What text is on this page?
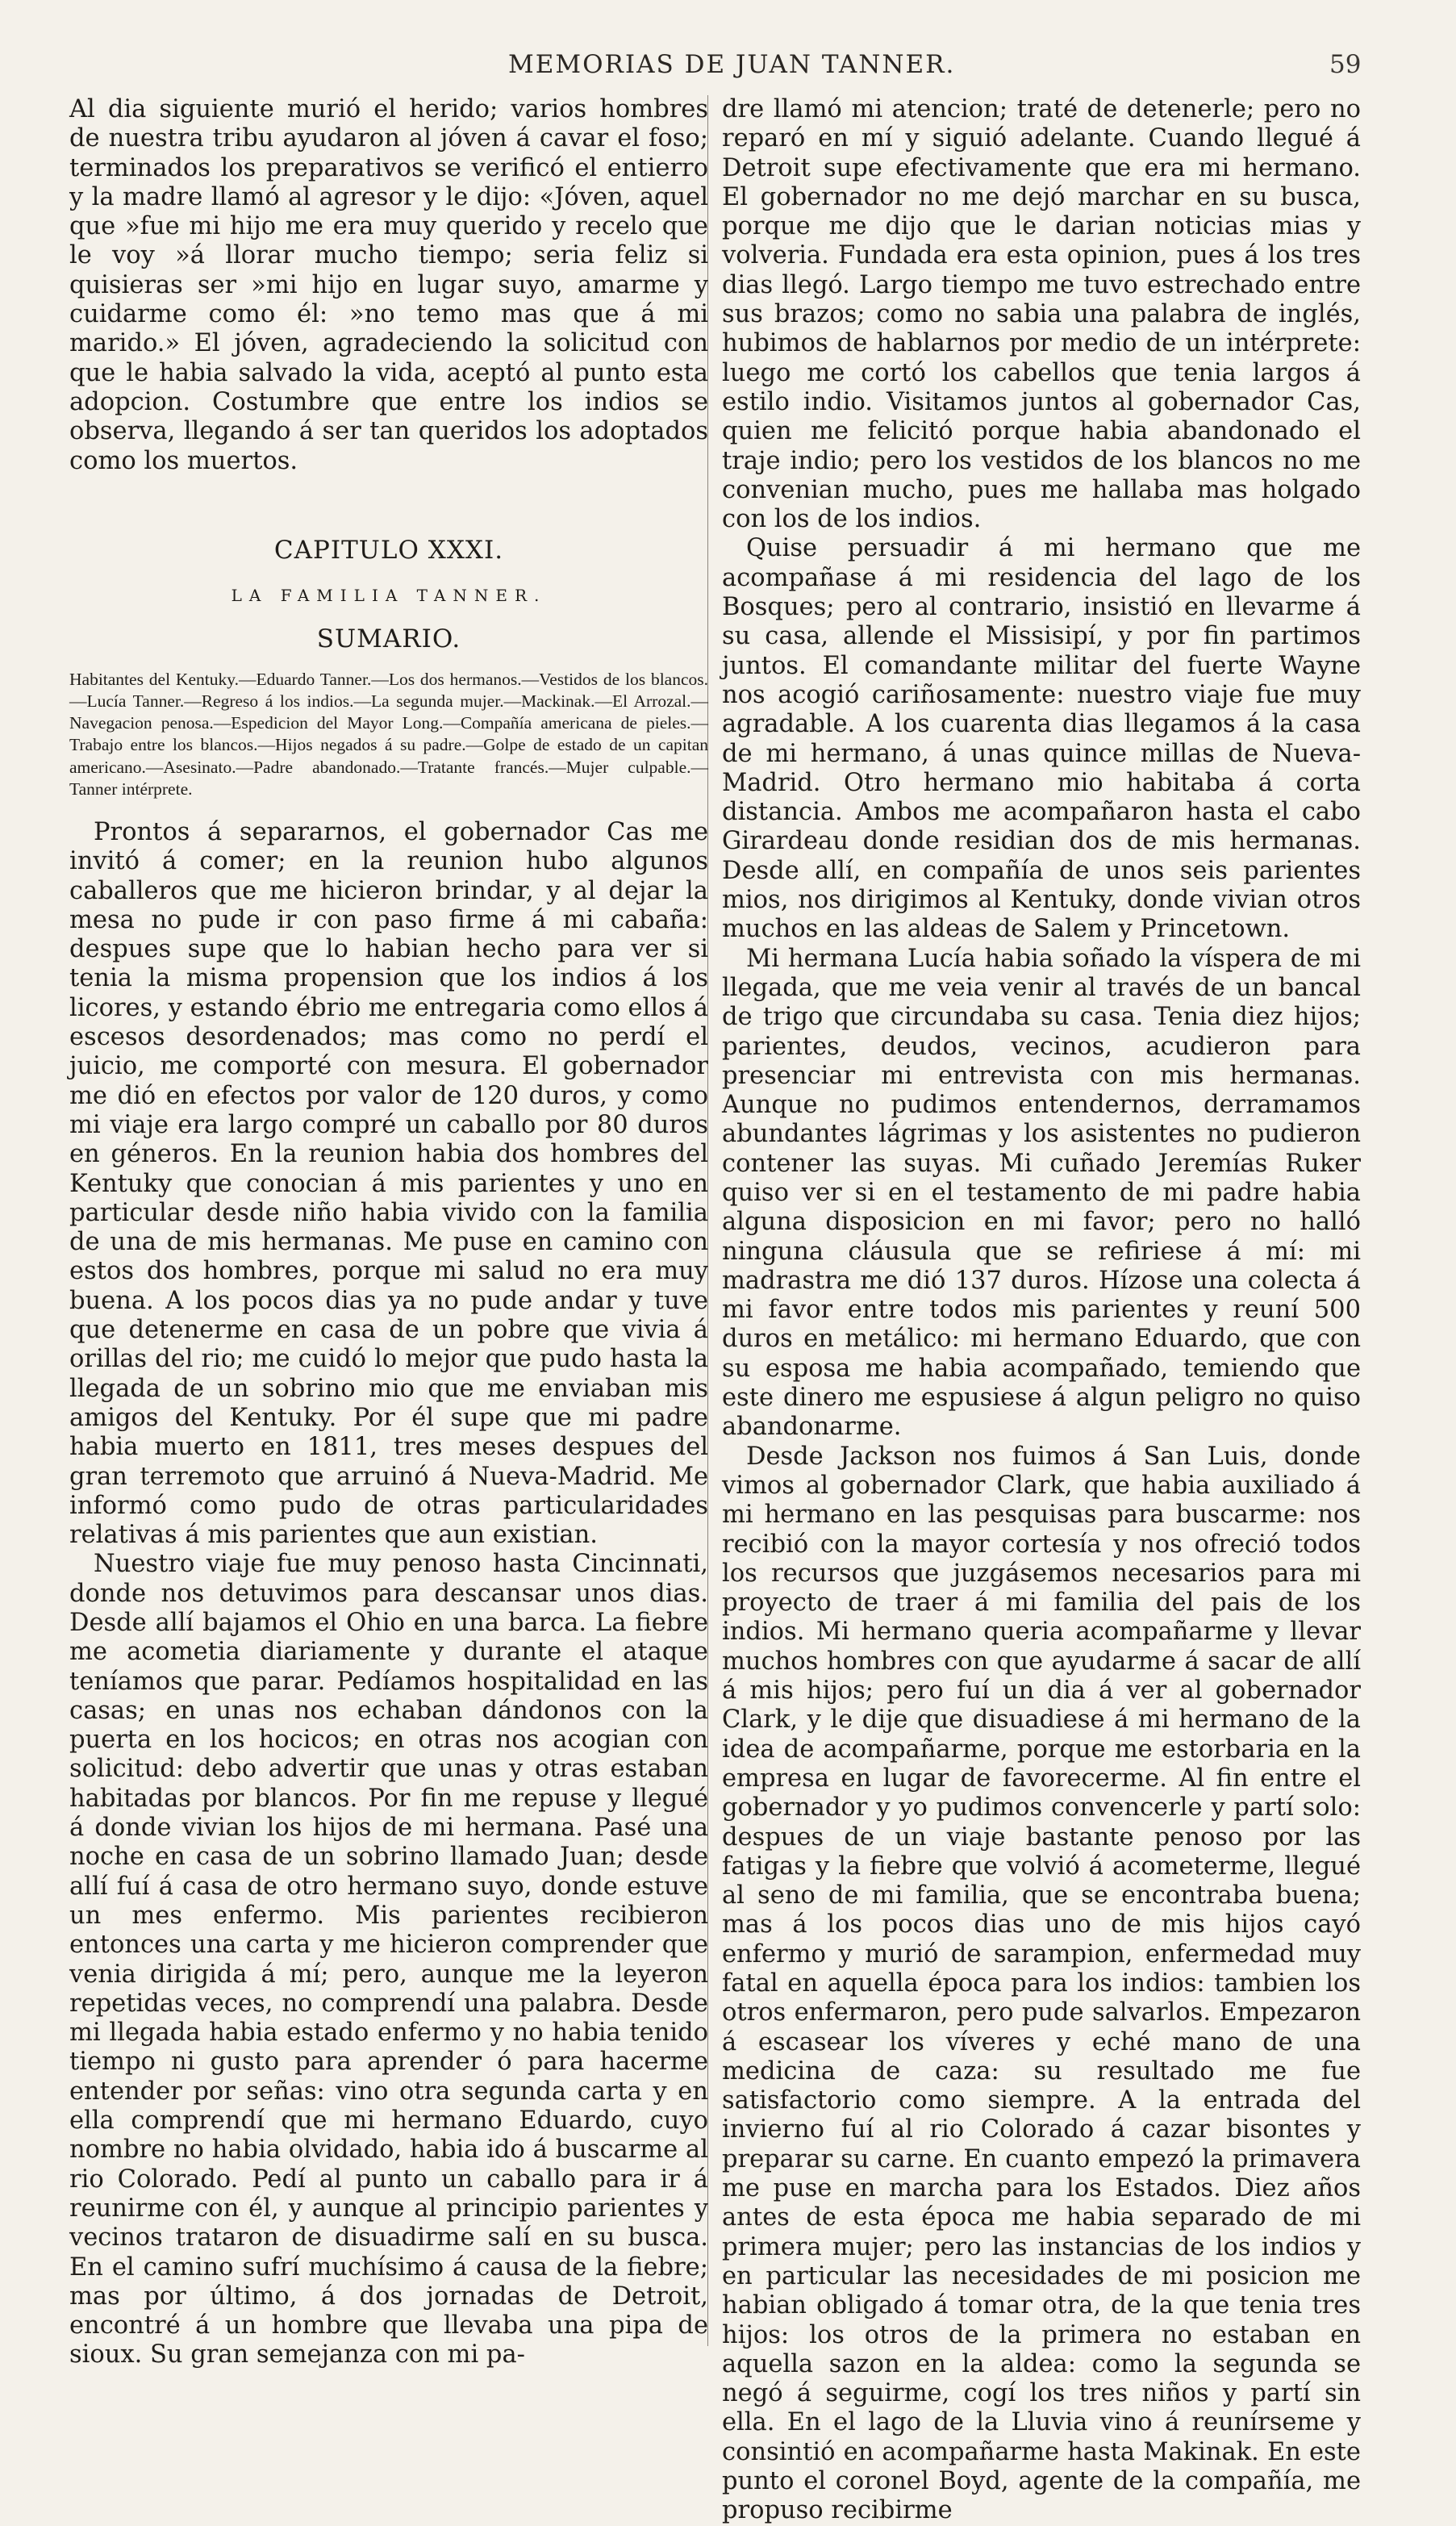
MEMORIAS DE JUAN TANNER.	59

Al dia siguiente murió el herido; varios hombres de nuestra tribu ayudaron al jóven á cavar el foso; terminados los preparativos se verificó el entierro y la madre llamó al agresor y le dijo: «Jóven, aquel que »fue mi hijo me era muy querido y recelo que le voy »á llorar mucho tiempo; seria feliz si quisieras ser »mi hijo en lugar suyo, amarme y cuidarme como él: »no temo mas que á mi marido.» El jóven, agradeciendo la solicitud con que le habia salvado la vida, aceptó al punto esta adopcion. Costumbre que entre los indios se observa, llegando á ser tan queridos los adoptados como los muertos.

CAPITULO XXXI.
LA FAMILIA TANNER.
SUMARIO.
Habitantes del Kentuky.—Eduardo Tanner.—Los dos hermanos.—Vestidos de los blancos.—Lucía Tanner.—Regreso á los indios.—La segunda mujer.—Mackinak.—El Arrozal.—Navegacion penosa.—Espedicion del Mayor Long.—Compañía americana de pieles.—Trabajo entre los blancos.—Hijos negados á su padre.—Golpe de estado de un capitan americano.—Asesinato.—Padre abandonado.—Tratante francés.—Mujer culpable.—Tanner intérprete.

Prontos á separarnos, el gobernador Cas me invitó á comer; en la reunion hubo algunos caballeros que me hicieron brindar, y al dejar la mesa no pude ir con paso firme á mi cabaña: despues supe que lo habian hecho para ver si tenia la misma propension que los indios á los licores, y estando ébrio me entregaria como ellos á escesos desordenados; mas como no perdí el juicio, me comporté con mesura. El gobernador me dió en efectos por valor de 120 duros, y como mi viaje era largo compré un caballo por 80 duros en géneros. En la reunion habia dos hombres del Kentuky que conocian á mis parientes y uno en particular desde niño habia vivido con la familia de una de mis hermanas. Me puse en camino con estos dos hombres, porque mi salud no era muy buena. A los pocos dias ya no pude andar y tuve que detenerme en casa de un pobre que vivia á orillas del rio; me cuidó lo mejor que pudo hasta la llegada de un sobrino mio que me enviaban mis amigos del Kentuky. Por él supe que mi padre habia muerto en 1811, tres meses despues del gran terremoto que arruinó á Nueva-Madrid. Me informó como pudo de otras particularidades relativas á mis parientes que aun existian.

Nuestro viaje fue muy penoso hasta Cincinnati, donde nos detuvimos para descansar unos dias. Desde allí bajamos el Ohio en una barca. La fiebre me acometia diariamente y durante el ataque teníamos que parar. Pedíamos hospitalidad en las casas; en unas nos echaban dándonos con la puerta en los hocicos; en otras nos acogian con solicitud: debo advertir que unas y otras estaban habitadas por blancos. Por fin me repuse y llegué á donde vivian los hijos de mi hermana. Pasé una noche en casa de un sobrino llamado Juan; desde allí fuí á casa de otro hermano suyo, donde estuve un mes enfermo. Mis parientes recibieron entonces una carta y me hicieron comprender que venia dirigida á mí; pero, aunque me la leyeron repetidas veces, no comprendí una palabra. Desde mi llegada habia estado enfermo y no habia tenido tiempo ni gusto para aprender ó para hacerme entender por señas: vino otra segunda carta y en ella comprendí que mi hermano Eduardo, cuyo nombre no habia olvidado, habia ido á buscarme al rio Colorado. Pedí al punto un caballo para ir á reunirme con él, y aunque al principio parientes y vecinos trataron de disuadirme salí en su busca. En el camino sufrí muchísimo á causa de la fiebre; mas por último, á dos jornadas de Detroit, encontré á un hombre que llevaba una pipa de sioux. Su gran semejanza con mi pa-

dre llamó mi atencion; traté de detenerle; pero no reparó en mí y siguió adelante. Cuando llegué á Detroit supe efectivamente que era mi hermano. El gobernador no me dejó marchar en su busca, porque me dijo que le darian noticias mias y volveria. Fundada era esta opinion, pues á los tres dias llegó. Largo tiempo me tuvo estrechado entre sus brazos; como no sabia una palabra de inglés, hubimos de hablarnos por medio de un intérprete: luego me cortó los cabellos que tenia largos á estilo indio. Visitamos juntos al gobernador Cas, quien me felicitó porque habia abandonado el traje indio; pero los vestidos de los blancos no me convenian mucho, pues me hallaba mas holgado con los de los indios.

Quise persuadir á mi hermano que me acompañase á mi residencia del lago de los Bosques; pero al contrario, insistió en llevarme á su casa, allende el Missisipí, y por fin partimos juntos. El comandante militar del fuerte Wayne nos acogió cariñosamente: nuestro viaje fue muy agradable. A los cuarenta dias llegamos á la casa de mi hermano, á unas quince millas de Nueva-Madrid. Otro hermano mio habitaba á corta distancia. Ambos me acompañaron hasta el cabo Girardeau donde residian dos de mis hermanas. Desde allí, en compañía de unos seis parientes mios, nos dirigimos al Kentuky, donde vivian otros muchos en las aldeas de Salem y Princetown.

Mi hermana Lucía habia soñado la víspera de mi llegada, que me veia venir al través de un bancal de trigo que circundaba su casa. Tenia diez hijos; parientes, deudos, vecinos, acudieron para presenciar mi entrevista con mis hermanas. Aunque no pudimos entendernos, derramamos abundantes lágrimas y los asistentes no pudieron contener las suyas. Mi cuñado Jeremías Ruker quiso ver si en el testamento de mi padre habia alguna disposicion en mi favor; pero no halló ninguna cláusula que se refiriese á mí: mi madrastra me dió 137 duros. Hízose una colecta á mi favor entre todos mis parientes y reuní 500 duros en metálico: mi hermano Eduardo, que con su esposa me habia acompañado, temiendo que este dinero me espusiese á algun peligro no quiso abandonarme.

Desde Jackson nos fuimos á San Luis, donde vimos al gobernador Clark, que habia auxiliado á mi hermano en las pesquisas para buscarme: nos recibió con la mayor cortesía y nos ofreció todos los recursos que juzgásemos necesarios para mi proyecto de traer á mi familia del pais de los indios. Mi hermano queria acompañarme y llevar muchos hombres con que ayudarme á sacar de allí á mis hijos; pero fuí un dia á ver al gobernador Clark, y le dije que disuadiese á mi hermano de la idea de acompañarme, porque me estorbaria en la empresa en lugar de favorecerme. Al fin entre el gobernador y yo pudimos convencerle y partí solo: despues de un viaje bastante penoso por las fatigas y la fiebre que volvió á acometerme, llegué al seno de mi familia, que se encontraba buena; mas á los pocos dias uno de mis hijos cayó enfermo y murió de sarampion, enfermedad muy fatal en aquella época para los indios: tambien los otros enfermaron, pero pude salvarlos. Empezaron á escasear los víveres y eché mano de una medicina de caza: su resultado me fue satisfactorio como siempre. A la entrada del invierno fuí al rio Colorado á cazar bisontes y preparar su carne. En cuanto empezó la primavera me puse en marcha para los Estados. Diez años antes de esta época me habia separado de mi primera mujer; pero las instancias de los indios y en particular las necesidades de mi posicion me habian obligado á tomar otra, de la que tenia tres hijos: los otros de la primera no estaban en aquella sazon en la aldea: como la segunda se negó á seguirme, cogí los tres niños y partí sin ella. En el lago de la Lluvia vino á reunírseme y consintió en acompañarme hasta Makinak. En este punto el coronel Boyd, agente de la compañía, me propuso recibirme
